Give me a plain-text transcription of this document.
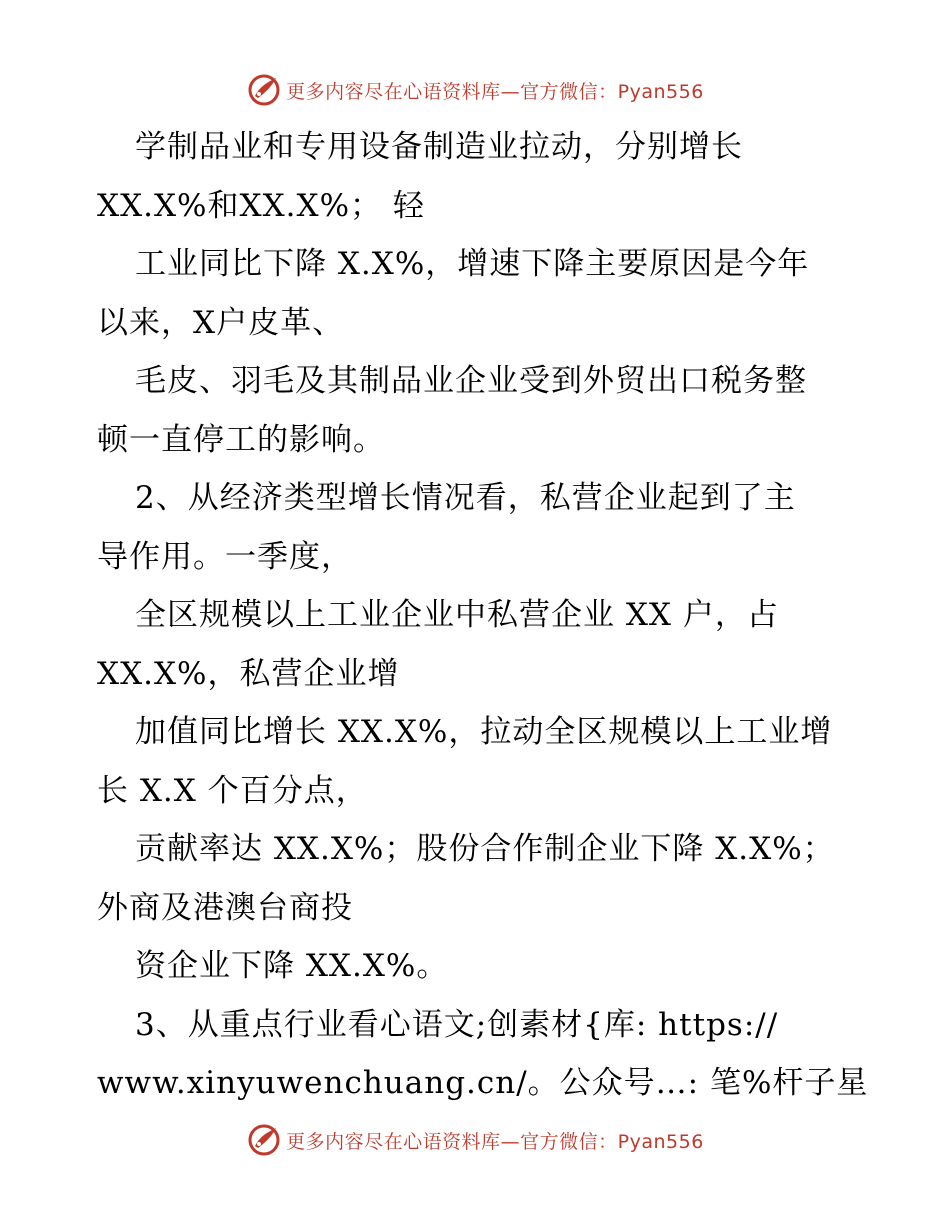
更多内容尽在心语资料库—官方微信：Pyan556
学制品业和专用设备制造业拉动，分别增长
XX.X%和XX.X%； 轻
工业同比下降 X.X%，增速下降主要原因是今年
以来，X户皮革、
毛皮、羽毛及其制品业企业受到外贸出口税务整
顿一直停工的影响。
2、从经济类型增长情况看，私营企业起到了主
导作用。一季度，
全区规模以上工业企业中私营企业 XX 户，占
XX.X%，私营企业增
加值同比增长 XX.X%，拉动全区规模以上工业增
长 X.X 个百分点，
贡献率达 XX.X%；股份合作制企业下降 X.X%；
外商及港澳台商投
资企业下降 XX.X%。
3、从重点行业看心语文;创素材{库: https://
www.xinyuwenchuang.cn/。公众号…: 笔%杆子星
更多内容尽在心语资料库—官方微信：Pyan556
